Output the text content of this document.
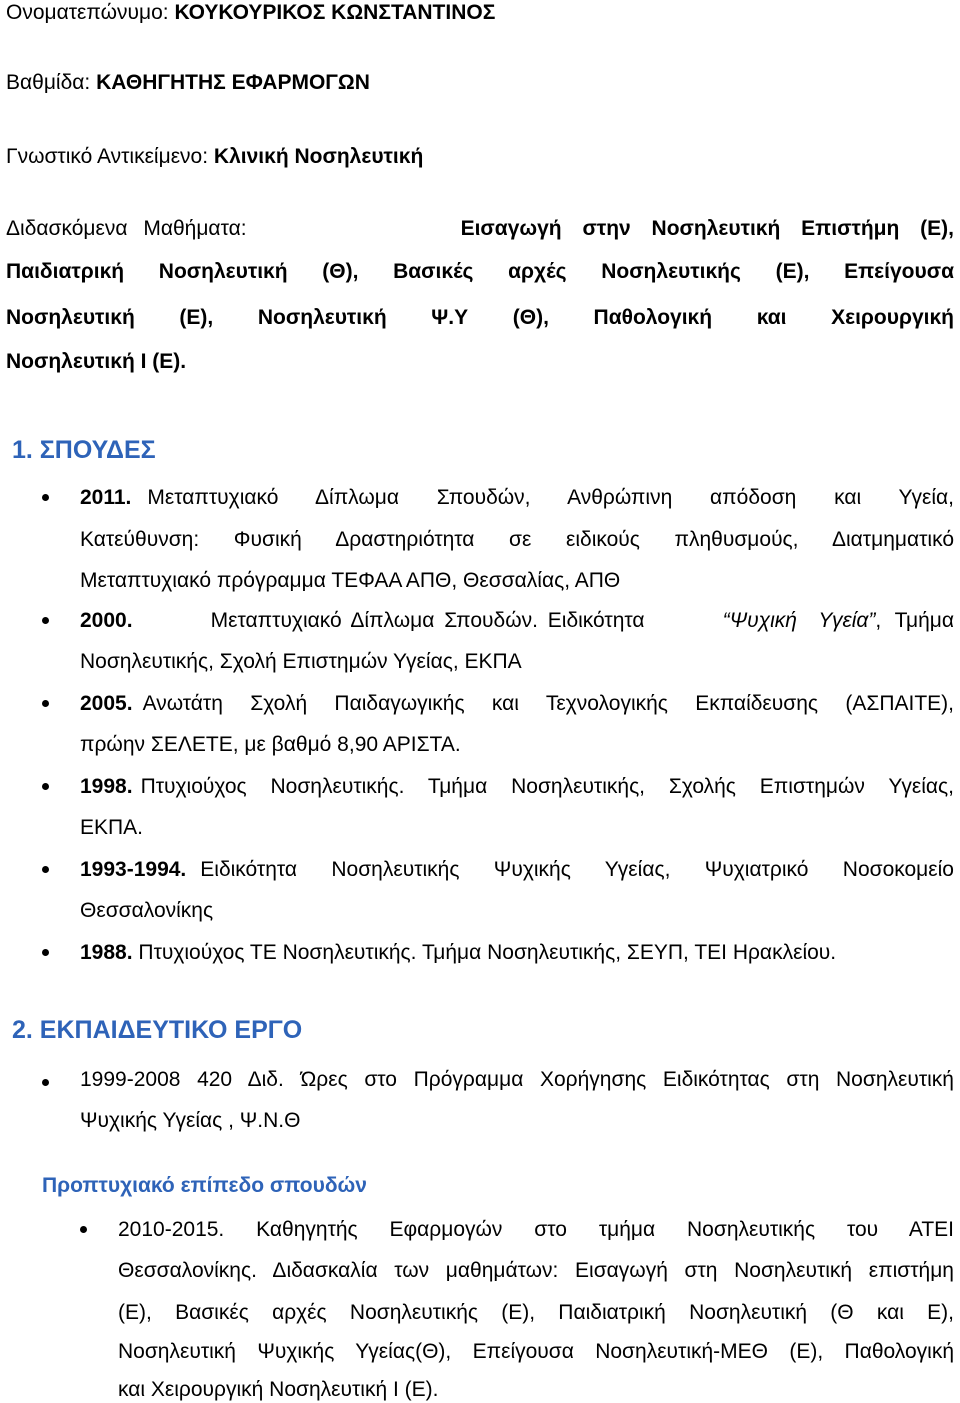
Ονοματεπώνυμο: ΚΟΥΚΟΥΡΙΚΟΣ ΚΩΝΣΤΑΝΤΙΝΟΣ
Βαθμίδα: ΚΑΘΗΓΗΤΗΣ ΕΦΑΡΜΟΓΩΝ
Γνωστικό Αντικείμενο: Κλινική Νοσηλευτική
Διδασκόμενα Μαθήματα:	Εισαγωγή στην Νοσηλευτική Επιστήμη (Ε),
Παιδιατρική Νοσηλευτική (Θ), Βασικές αρχές Νοσηλευτικής (Ε), Επείγουσα
Νοσηλευτική (Ε), Νοσηλευτική Ψ.Υ (Θ), Παθολογική και Χειρουργική
Νοσηλευτική Ι (Ε).
1. ΣΠΟΥΔΕΣ
2011. Μεταπτυχιακό Δίπλωμα Σπουδών, Ανθρώπινη απόδοση και Υγεία,
Κατεύθυνση: Φυσική Δραστηριότητα σε ειδικούς πληθυσμούς, Διατμηματικό
Μεταπτυχιακό πρόγραμμα ΤΕΦΑΑ ΑΠΘ, Θεσσαλίας, ΑΠΘ
2000.	Μεταπτυχιακό Δίπλωμα Σπουδών. Ειδικότητα	“Ψυχική Υγεία”, Τμήμα
Νοσηλευτικής, Σχολή Επιστημών Υγείας, ΕΚΠΑ
2005. Ανωτάτη Σχολή Παιδαγωγικής και Τεχνολογικής Εκπαίδευσης (ΑΣΠΑΙΤΕ),
πρώην ΣΕΛΕΤΕ, με βαθμό 8,90 ΑΡΙΣΤΑ.
1998. Πτυχιούχος Νοσηλευτικής. Τμήμα Νοσηλευτικής, Σχολής Επιστημών Υγείας,
ΕΚΠΑ.
1993-1994. Ειδικότητα Νοσηλευτικής Ψυχικής Υγείας, Ψυχιατρικό Νοσοκομείο
Θεσσαλονίκης
1988. Πτυχιούχος ΤΕ Νοσηλευτικής. Τμήμα Νοσηλευτικής, ΣΕΥΠ, ΤΕΙ Ηρακλείου.
2. ΕΚΠΑΙΔΕΥΤΙΚΟ ΕΡΓΟ
1999-2008 420 Διδ. Ώρες στο Πρόγραμμα Χορήγησης Ειδικότητας στη Νοσηλευτική
Ψυχικής Υγείας , Ψ.Ν.Θ
Προπτυχιακό επίπεδο σπουδών
2010-2015. Καθηγητής Εφαρμογών στο τμήμα Νοσηλευτικής του ΑΤΕΙ
Θεσσαλονίκης. Διδασκαλία των μαθημάτων: Εισαγωγή στη Νοσηλευτική επιστήμη
(Ε), Βασικές αρχές Νοσηλευτικής (Ε), Παιδιατρική Νοσηλευτική (Θ και Ε),
Νοσηλευτική Ψυχικής Υγείας(Θ), Επείγουσα Νοσηλευτική-ΜΕΘ (Ε), Παθολογική
και Χειρουργική Νοσηλευτική Ι (Ε).
